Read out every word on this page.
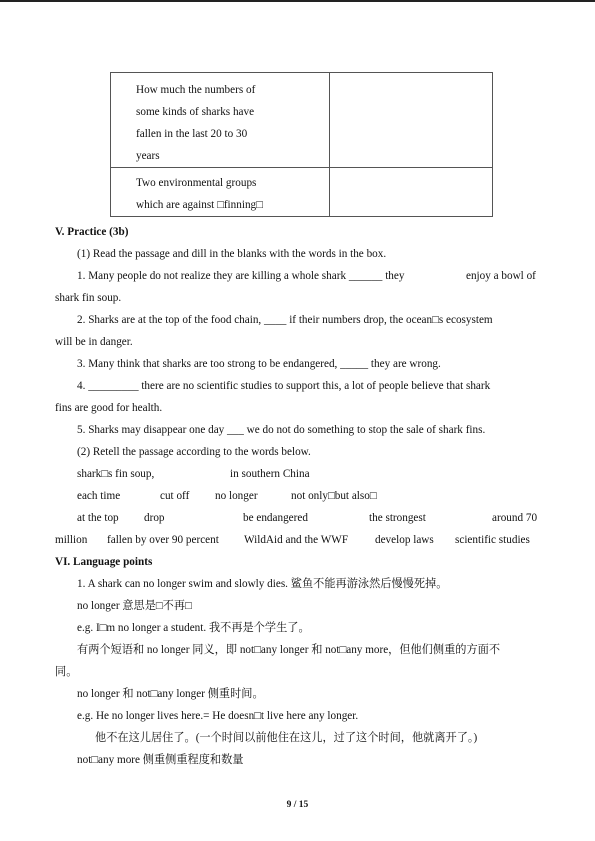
How much the numbers of
some kinds of sharks have
fallen in the last 20 to 30
years	

Two environmental groups
which are against □finning□	

V. Practice (3b)
(1) Read the passage and dill in the blanks with the words in the box.
1. Many people do not realize they are killing a whole shark ______ they	enjoy a bowl of
shark fin soup.
2. Sharks are at the top of the food chain, ____ if their numbers drop, the ocean□s ecosystem
will be in danger.
3. Many think that sharks are too strong to be endangered, _____ they are wrong.
4. _________ there are no scientific studies to support this, a lot of people believe that shark
fins are good for health.
5. Sharks may disappear one day ___ we do not do something to stop the sale of shark fins.
(2) Retell the passage according to the words below.
shark□s fin soup,	in southern China
each time	cut off no longer	not only□but also□
at the top drop	be endangered	the strongest	around 70
million fallen by over 90 percent WildAid and the WWF develop laws scientific studies
VI. Language points
1. A shark can no longer swim and slowly dies. 鲨鱼不能再游泳然后慢慢死掉。
no longer 意思是□不再□
e.g. I□m no longer a student. 我不再是个学生了。
有两个短语和 no longer 同义，即 not□any longer 和 not□any more，但他们侧重的方面不
同。
no longer 和 not□any longer 侧重时间。
e.g. He no longer lives here.= He doesn□t live here any longer.
他不在这儿居住了。(一个时间以前他住在这儿，过了这个时间，他就离开了。)
not□any more 侧重侧重程度和数量
9 / 15
